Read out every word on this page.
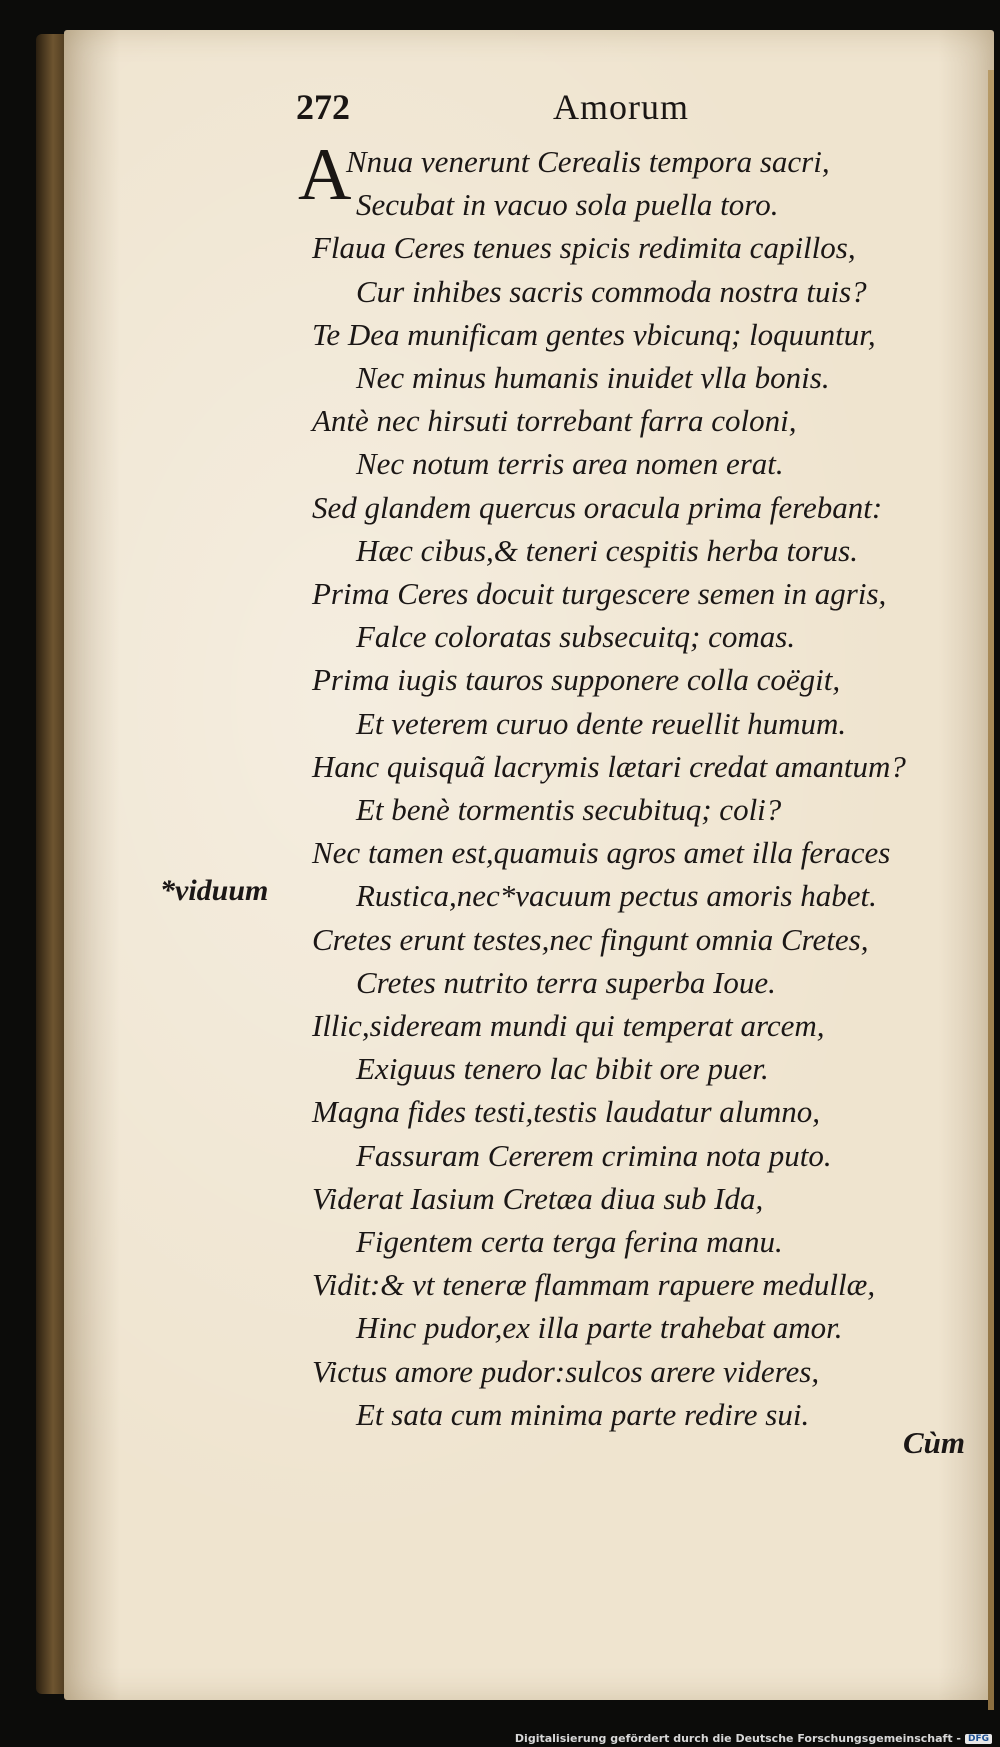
272	Amorum
A
Nnua venerunt Cerealis tempora sacri,
Secubat in vacuo sola puella toro.
Flaua Ceres tenues spicis redimita capillos,
Cur inhibes sacris commoda nostra tuis?
Te Dea munificam gentes vbicunq; loquuntur,
Nec minus humanis inuidet vlla bonis.
Antè nec hirsuti torrebant farra coloni,
Nec notum terris area nomen erat.
Sed glandem quercus oracula prima ferebant:
Hæc cibus,& teneri cespitis herba torus.
Prima Ceres docuit turgescere semen in agris,
Falce coloratas subsecuitq; comas.
Prima iugis tauros supponere colla coëgit,
Et veterem curuo dente reuellit humum.
Hanc quisquã lacrymis lætari credat amantum?
Et benè tormentis secubituq; coli?
Nec tamen est,quamuis agros amet illa feraces
Rustica,nec*vacuum pectus amoris habet.
Cretes erunt testes,nec fingunt omnia Cretes,
Cretes nutrito terra superba Ioue.
Illic,sideream mundi qui temperat arcem,
Exiguus tenero lac bibit ore puer.
Magna fides testi,testis laudatur alumno,
Fassuram Cererem crimina nota puto.
Viderat Iasium Cretæa diua sub Ida,
Figentem certa terga ferina manu.
Vidit:& vt teneræ flammam rapuere medullæ,
Hinc pudor,ex illa parte trahebat amor.
Victus amore pudor:sulcos arere videres,
Et sata cum minima parte redire sui.
*viduum
Cùm
Digitalisierung gefördert durch die Deutsche Forschungsgemeinschaft - DFG
